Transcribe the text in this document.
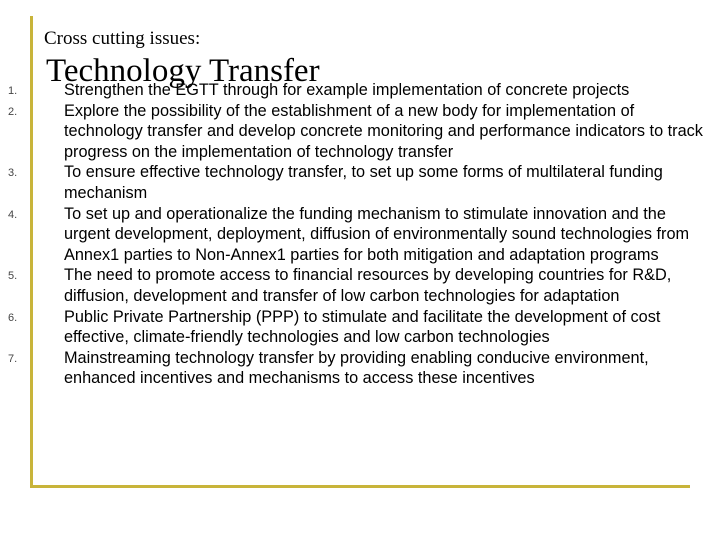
Cross cutting issues:
Technology Transfer
1.	Strengthen the EGTT through for example implementation of concrete projects
2.	Explore the possibility of the establishment of a new body for implementation of technology transfer and develop concrete monitoring and performance indicators to track progress on the implementation of technology transfer
3.	To ensure effective technology transfer, to set up some forms of multilateral funding mechanism
4.	To set up and operationalize the funding mechanism to stimulate innovation and the urgent development, deployment, diffusion of environmentally sound technologies from Annex1 parties to Non-Annex1 parties for both mitigation and adaptation programs
5.	The need to promote access to financial resources by developing countries for R&D, diffusion, development and transfer of low carbon technologies for adaptation
6.	Public Private Partnership (PPP) to stimulate and facilitate the development of cost effective, climate-friendly technologies and low carbon technologies
7.	Mainstreaming technology transfer by providing enabling conducive environment, enhanced incentives and mechanisms to access these incentives
